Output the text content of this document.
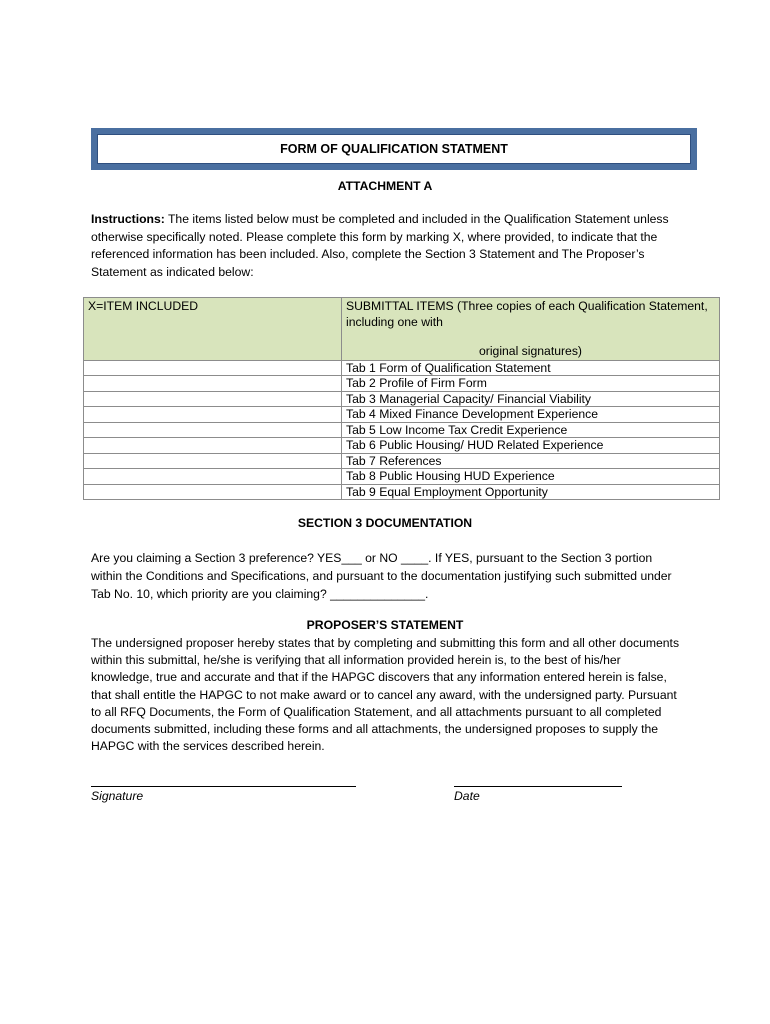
FORM OF QUALIFICATION STATMENT
ATTACHMENT A
Instructions: The items listed below must be completed and included in the Qualification Statement unless otherwise specifically noted. Please complete this form by marking X, where provided, to indicate that the referenced information has been included. Also, complete the Section 3 Statement and The Proposer’s Statement as indicated below:
X=ITEM INCLUDED	SUBMITTAL ITEMS (Three copies of each Qualification Statement, including one with
original signatures)

	Tab 1 Form of Qualification Statement
	Tab 2 Profile of Firm Form
	Tab 3 Managerial Capacity/ Financial Viability
	Tab 4 Mixed Finance Development Experience
	Tab 5 Low Income Tax Credit Experience
	Tab 6 Public Housing/ HUD Related Experience
	Tab 7 References
	Tab 8 Public Housing HUD Experience
	Tab 9 Equal Employment Opportunity
SECTION 3 DOCUMENTATION
Are you claiming a Section 3 preference? YES___ or NO ____. If YES, pursuant to the Section 3 portion within the Conditions and Specifications, and pursuant to the documentation justifying such submitted under Tab No. 10, which priority are you claiming? ______________.
PROPOSER’S STATEMENT
The undersigned proposer hereby states that by completing and submitting this form and all other documents within this submittal, he/she is verifying that all information provided herein is, to the best of his/her knowledge, true and accurate and that if the HAPGC discovers that any information entered herein is false, that shall entitle the HAPGC to not make award or to cancel any award, with the undersigned party. Pursuant to all RFQ Documents, the Form of Qualification Statement, and all attachments pursuant to all completed documents submitted, including these forms and all attachments, the undersigned proposes to supply the HAPGC with the services described herein.
Signature	Date
